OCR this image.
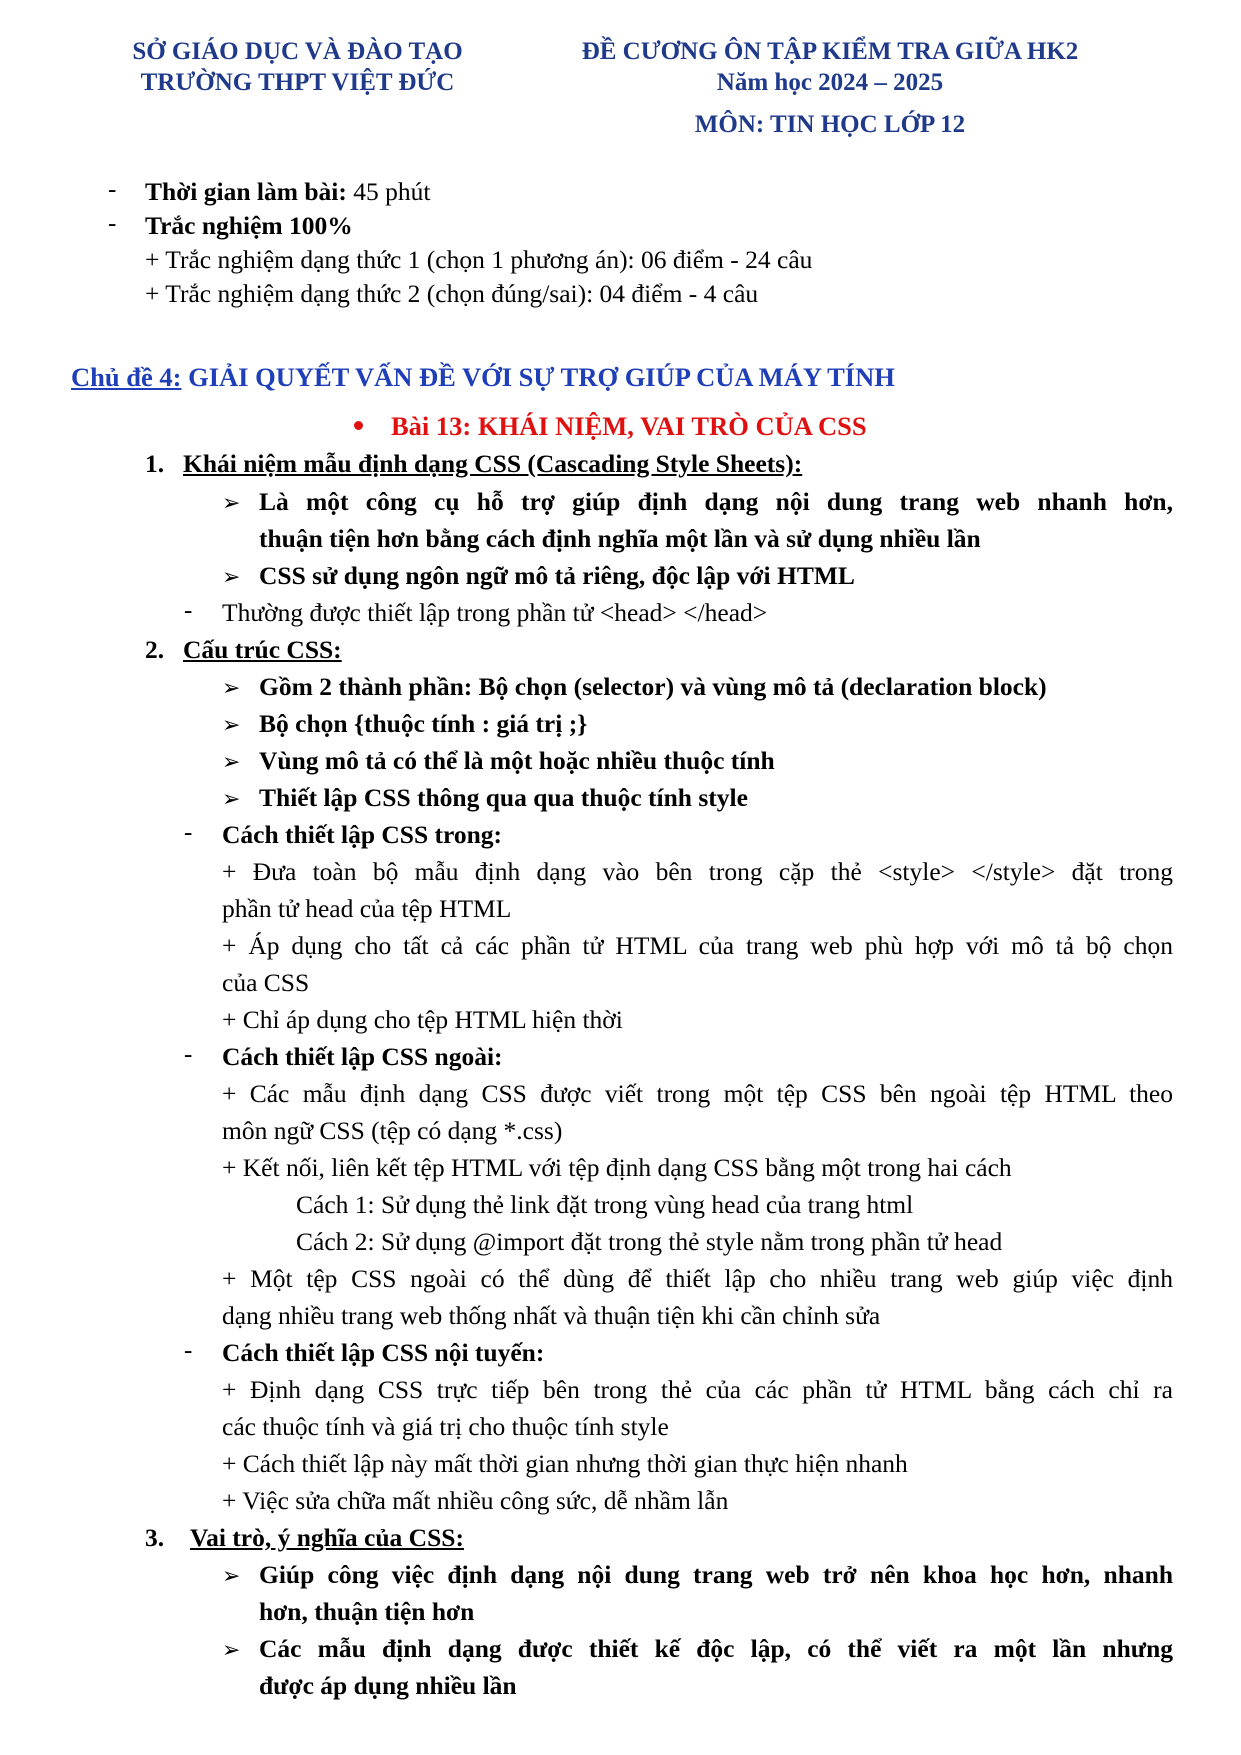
SỞ GIÁO DỤC VÀ ĐÀO TẠO
TRƯỜNG THPT VIỆT ĐỨC
ĐỀ CƯƠNG ÔN TẬP KIỂM TRA GIỮA HK2
Năm học 2024 – 2025
MÔN: TIN HỌC LỚP 12
- Thời gian làm bài: 45 phút
- Trắc nghiệm 100%
+ Trắc nghiệm dạng thức 1 (chọn 1 phương án): 06 điểm - 24 câu
+ Trắc nghiệm dạng thức 2 (chọn đúng/sai): 04 điểm - 4 câu
Chủ đề 4: GIẢI QUYẾT VẤN ĐỀ VỚI SỰ TRỢ GIÚP CỦA MÁY TÍNH
Bài 13: KHÁI NIỆM, VAI TRÒ CỦA CSS
1. Khái niệm mẫu định dạng CSS (Cascading Style Sheets):
➢ Là một công cụ hỗ trợ giúp định dạng nội dung trang web nhanh hơn,
thuận tiện hơn bằng cách định nghĩa một lần và sử dụng nhiều lần
➢ CSS sử dụng ngôn ngữ mô tả riêng, độc lập với HTML
- Thường được thiết lập trong phần tử <head> </head>
2. Cấu trúc CSS:
➢ Gồm 2 thành phần: Bộ chọn (selector) và vùng mô tả (declaration block)
➢ Bộ chọn {thuộc tính : giá trị ;}
➢ Vùng mô tả có thể là một hoặc nhiều thuộc tính
➢ Thiết lập CSS thông qua qua thuộc tính style
- Cách thiết lập CSS trong:
+ Đưa toàn bộ mẫu định dạng vào bên trong cặp thẻ <style> </style> đặt trong
phần tử head của tệp HTML
+ Áp dụng cho tất cả các phần tử HTML của trang web phù hợp với mô tả bộ chọn
của CSS
+ Chỉ áp dụng cho tệp HTML hiện thời
- Cách thiết lập CSS ngoài:
+ Các mẫu định dạng CSS được viết trong một tệp CSS bên ngoài tệp HTML theo
môn ngữ CSS (tệp có dạng *.css)
+ Kết nối, liên kết tệp HTML với tệp định dạng CSS bằng một trong hai cách
Cách 1: Sử dụng thẻ link đặt trong vùng head của trang html
Cách 2: Sử dụng @import đặt trong thẻ style nằm trong phần tử head
+ Một tệp CSS ngoài có thể dùng để thiết lập cho nhiều trang web giúp việc định
dạng nhiều trang web thống nhất và thuận tiện khi cần chỉnh sửa
- Cách thiết lập CSS nội tuyến:
+ Định dạng CSS trực tiếp bên trong thẻ của các phần tử HTML bằng cách chỉ ra
các thuộc tính và giá trị cho thuộc tính style
+ Cách thiết lập này mất thời gian nhưng thời gian thực hiện nhanh
+ Việc sửa chữa mất nhiều công sức, dễ nhầm lẫn
3. Vai trò, ý nghĩa của CSS:
➢ Giúp công việc định dạng nội dung trang web trở nên khoa học hơn, nhanh
hơn, thuận tiện hơn
➢ Các mẫu định dạng được thiết kế độc lập, có thể viết ra một lần nhưng
được áp dụng nhiều lần
